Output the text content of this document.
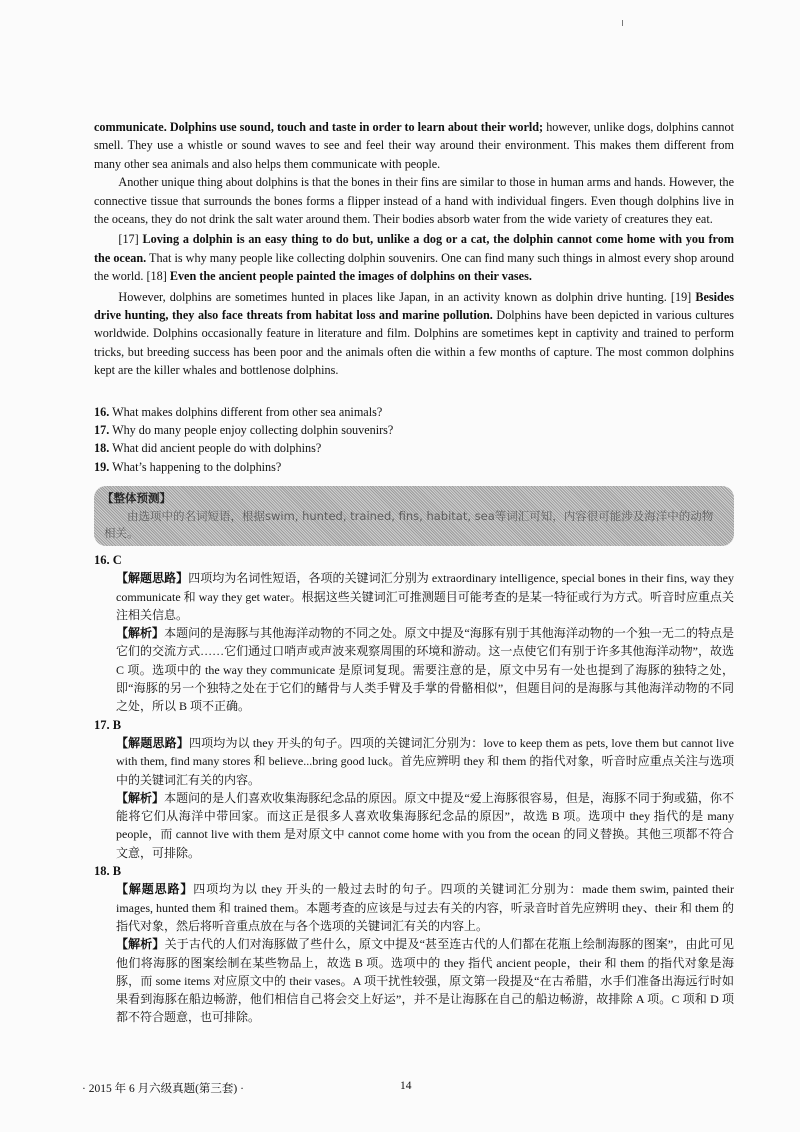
communicate. Dolphins use sound, touch and taste in order to learn about their world; however, unlike dogs, dolphins cannot smell. They use a whistle or sound waves to see and feel their way around their environment. This makes them different from many other sea animals and also helps them communicate with people.

Another unique thing about dolphins is that the bones in their fins are similar to those in human arms and hands. However, the connective tissue that surrounds the bones forms a flipper instead of a hand with individual fingers. Even though dolphins live in the oceans, they do not drink the salt water around them. Their bodies absorb water from the wide variety of creatures they eat.

[17] Loving a dolphin is an easy thing to do but, unlike a dog or a cat, the dolphin cannot come home with you from the ocean. That is why many people like collecting dolphin souvenirs. One can find many such things in almost every shop around the world. [18] Even the ancient people painted the images of dolphins on their vases.

However, dolphins are sometimes hunted in places like Japan, in an activity known as dolphin drive hunting. [19] Besides drive hunting, they also face threats from habitat loss and marine pollution. Dolphins have been depicted in various cultures worldwide. Dolphins occasionally feature in literature and film. Dolphins are sometimes kept in captivity and trained to perform tricks, but breeding success has been poor and the animals often die within a few months of capture. The most common dolphins kept are the killer whales and bottlenose dolphins.

16. What makes dolphins different from other sea animals?
17. Why do many people enjoy collecting dolphin souvenirs?
18. What did ancient people do with dolphins?
19. What’s happening to the dolphins?
【整体预测】
由选项中的名词短语，根据swim, hunted, trained, fins, habitat, sea等词汇可知，内容很可能涉及海洋中的动物相关。
16. C

【解题思路】四项均为名词性短语，各项的关键词汇分别为 extraordinary intelligence, special bones in their fins, way they communicate 和 way they get water。根据这些关键词汇可推测题目可能考查的是某一特征或行为方式。听音时应重点关注相关信息。

【解析】本题问的是海豚与其他海洋动物的不同之处。原文中提及“海豚有别于其他海洋动物的一个独一无二的特点是它们的交流方式……它们通过口哨声或声波来观察周围的环境和游动。这一点使它们有别于许多其他海洋动物”，故选 C 项。选项中的 the way they communicate 是原词复现。需要注意的是，原文中另有一处也提到了海豚的独特之处，即“海豚的另一个独特之处在于它们的鳍骨与人类手臂及手掌的骨骼相似”，但题目问的是海豚与其他海洋动物的不同之处，所以 B 项不正确。

17. B

【解题思路】四项均为以 they 开头的句子。四项的关键词汇分别为：love to keep them as pets, love them but cannot live with them, find many stores 和 believe...bring good luck。首先应辨明 they 和 them 的指代对象，听音时应重点关注与选项中的关键词汇有关的内容。

【解析】本题问的是人们喜欢收集海豚纪念品的原因。原文中提及“爱上海豚很容易，但是，海豚不同于狗或猫，你不能将它们从海洋中带回家。而这正是很多人喜欢收集海豚纪念品的原因”，故选 B 项。选项中 they 指代的是 many people，而 cannot live with them 是对原文中 cannot come home with you from the ocean 的同义替换。其他三项都不符合文意，可排除。

18. B

【解题思路】四项均为以 they 开头的一般过去时的句子。四项的关键词汇分别为：made them swim, painted their images, hunted them 和 trained them。本题考查的应该是与过去有关的内容，听录音时首先应辨明 they、their 和 them 的指代对象，然后将听音重点放在与各个选项的关键词汇有关的内容上。

【解析】关于古代的人们对海豚做了些什么，原文中提及“甚至连古代的人们都在花瓶上绘制海豚的图案”，由此可见他们将海豚的图案绘制在某些物品上，故选 B 项。选项中的 they 指代 ancient people，their 和 them 的指代对象是海豚，而 some items 对应原文中的 their vases。A 项干扰性较强，原文第一段提及“在古希腊，水手们准备出海远行时如果看到海豚在船边畅游，他们相信自己将会交上好运”，并不是让海豚在自己的船边畅游，故排除 A 项。C 项和 D 项都不符合题意，也可排除。

· 2015 年 6 月六级真题(第三套) ·	14
